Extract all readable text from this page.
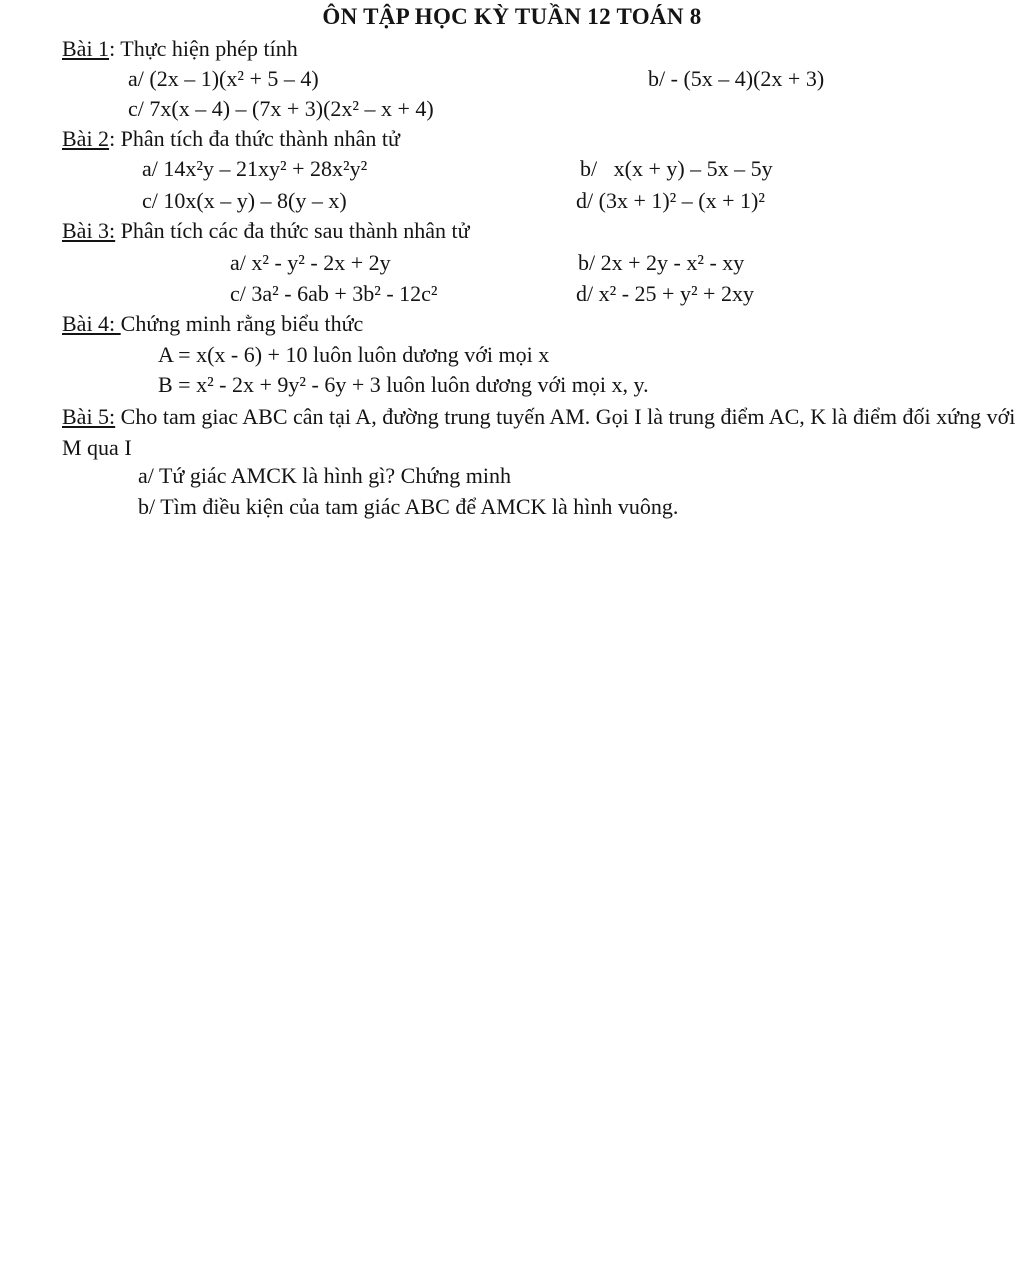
ÔN TẬP HỌC KỲ TUẦN 12 TOÁN 8
Bài 1: Thực hiện phép tính
a/ (2x – 1)(x² + 5 – 4)	b/ - (5x – 4)(2x + 3)
c/ 7x(x – 4) – (7x + 3)(2x² – x + 4)
Bài 2: Phân tích đa thức thành nhân tử
a/ 14x²y – 21xy² + 28x²y²	b/   x(x + y) – 5x – 5y
c/ 10x(x – y) – 8(y – x)	d/ (3x + 1)² – (x + 1)²
Bài 3: Phân tích các đa thức sau thành nhân tử
a/ x² - y² - 2x + 2y	b/ 2x + 2y - x² - xy
c/ 3a² - 6ab + 3b² - 12c²	d/ x² - 25 + y² + 2xy
Bài 4: Chứng minh rằng biểu thức
A = x(x - 6) + 10 luôn luôn dương với mọi x
B = x² - 2x + 9y² - 6y + 3 luôn luôn dương với mọi x, y.
Bài 5: Cho tam giac ABC cân tại A, đường trung tuyến AM. Gọi I là trung điểm AC, K là điểm đối xứng với M qua I
a/ Tứ giác AMCK là hình gì? Chứng minh
b/ Tìm điều kiện của tam giác ABC để AMCK là hình vuông.
